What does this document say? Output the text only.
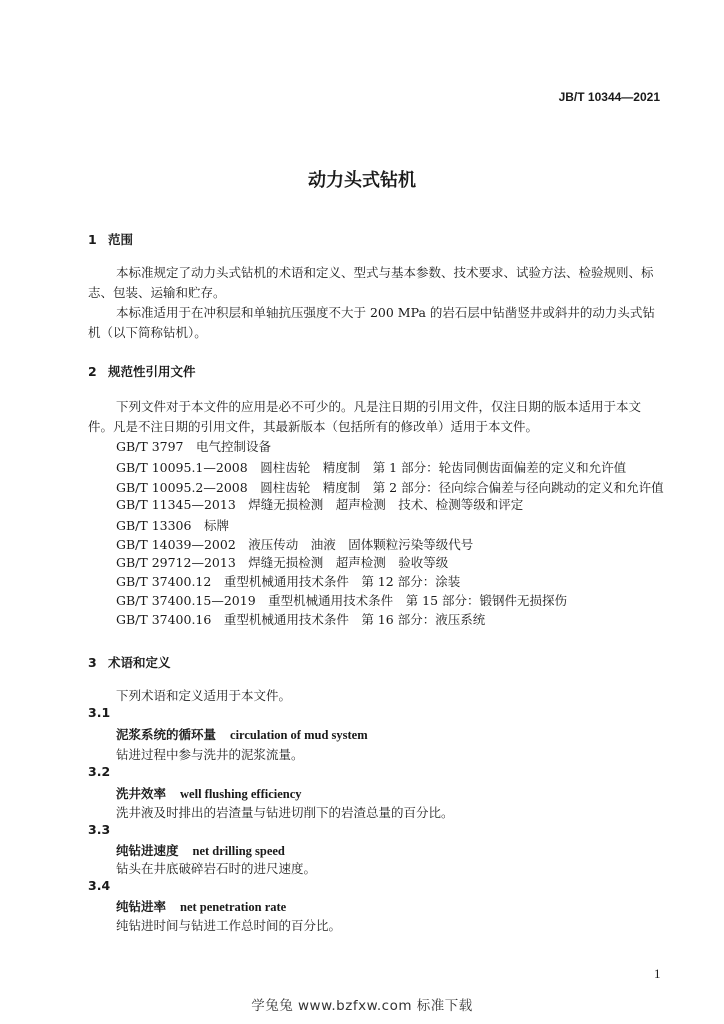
JB/T 10344—2021
动力头式钻机
1 范围
本标准规定了动力头式钻机的术语和定义、型式与基本参数、技术要求、试验方法、检验规则、标志、包装、运输和贮存。
本标准适用于在冲积层和单轴抗压强度不大于 200 MPa 的岩石层中钻凿竖井或斜井的动力头式钻机（以下简称钻机）。
2 规范性引用文件
下列文件对于本文件的应用是必不可少的。凡是注日期的引用文件，仅注日期的版本适用于本文件。凡是不注日期的引用文件，其最新版本（包括所有的修改单）适用于本文件。
GB/T 3797　电气控制设备
GB/T 10095.1—2008　圆柱齿轮　精度制　第 1 部分：轮齿同侧齿面偏差的定义和允许值
GB/T 10095.2—2008　圆柱齿轮　精度制　第 2 部分：径向综合偏差与径向跳动的定义和允许值
GB/T 11345—2013　焊缝无损检测　超声检测　技术、检测等级和评定
GB/T 13306　标牌
GB/T 14039—2002　液压传动　油液　固体颗粒污染等级代号
GB/T 29712—2013　焊缝无损检测　超声检测　验收等级
GB/T 37400.12　重型机械通用技术条件　第 12 部分：涂装
GB/T 37400.15—2019　重型机械通用技术条件　第 15 部分：锻钢件无损探伤
GB/T 37400.16　重型机械通用技术条件　第 16 部分：液压系统
3 术语和定义
下列术语和定义适用于本文件。
3.1
泥浆系统的循环量 circulation of mud system
钻进过程中参与洗井的泥浆流量。
3.2
洗井效率 well flushing efficiency
洗井液及时排出的岩渣量与钻进切削下的岩渣总量的百分比。
3.3
纯钻进速度 net drilling speed
钻头在井底破碎岩石时的进尺速度。
3.4
纯钻进率 net penetration rate
纯钻进时间与钻进工作总时间的百分比。
1
学兔兔 www.bzfxw.com 标准下载
